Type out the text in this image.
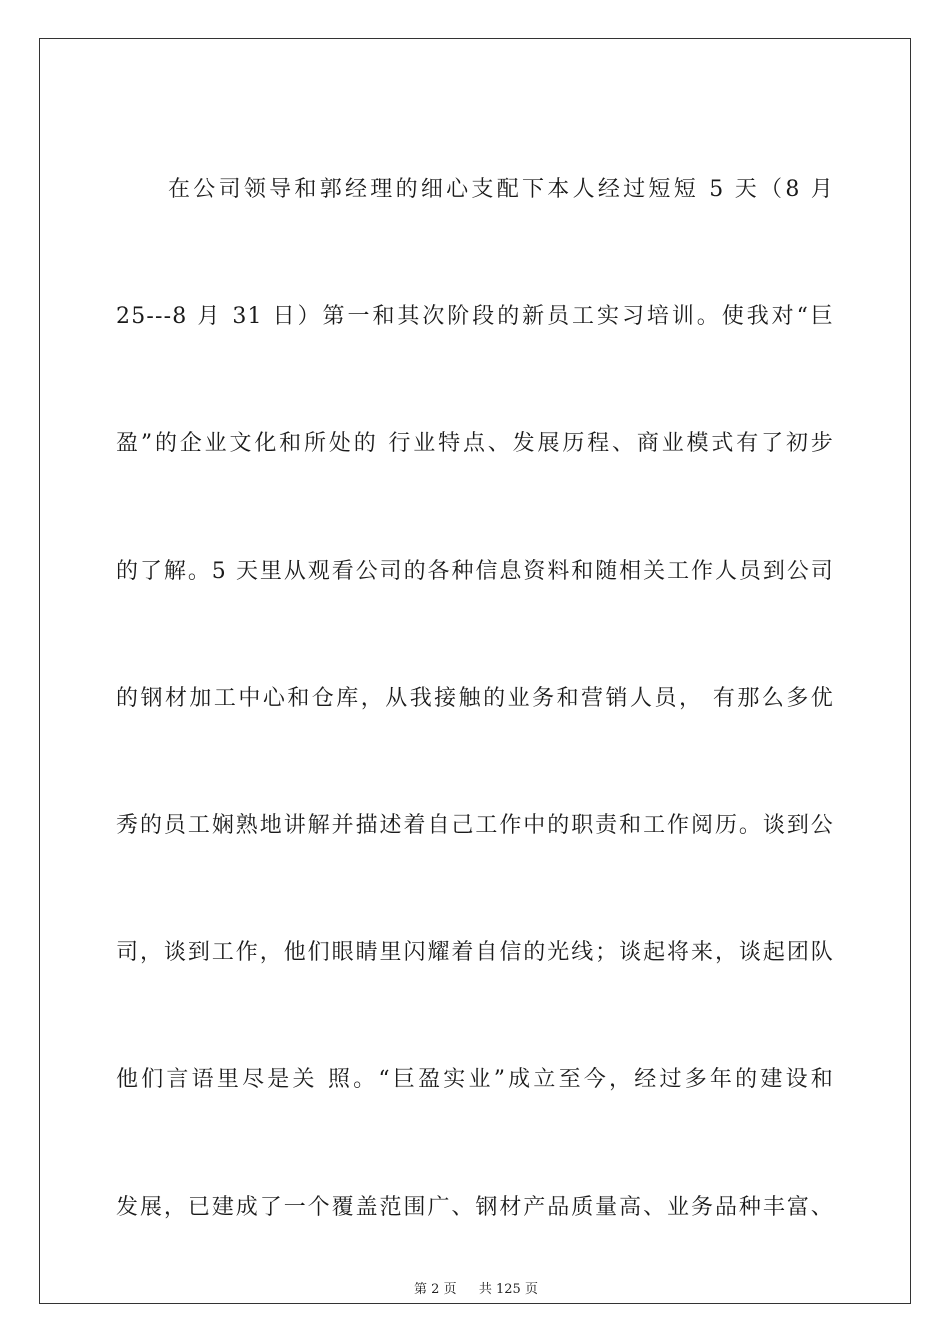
在公司领导和郭经理的细心支配下本人经过短短 5 天（8 月
25---8 月 31 日）第一和其次阶段的新员工实习培训。使我对“巨
盈”的企业文化和所处的 行业特点、发展历程、商业模式有了初步
的了解。5 天里从观看公司的各种信息资料和随相关工作人员到公司
的钢材加工中心和仓库，从我接触的业务和营销人员， 有那么多优
秀的员工娴熟地讲解并描述着自己工作中的职责和工作阅历。谈到公
司，谈到工作，他们眼睛里闪耀着自信的光线；谈起将来，谈起团队
他们言语里尽是关 照。“巨盈实业”成立至今，经过多年的建设和
发展，已建成了一个覆盖范围广、钢材产品质量高、业务品种丰富、
第 2 页 共 125 页
